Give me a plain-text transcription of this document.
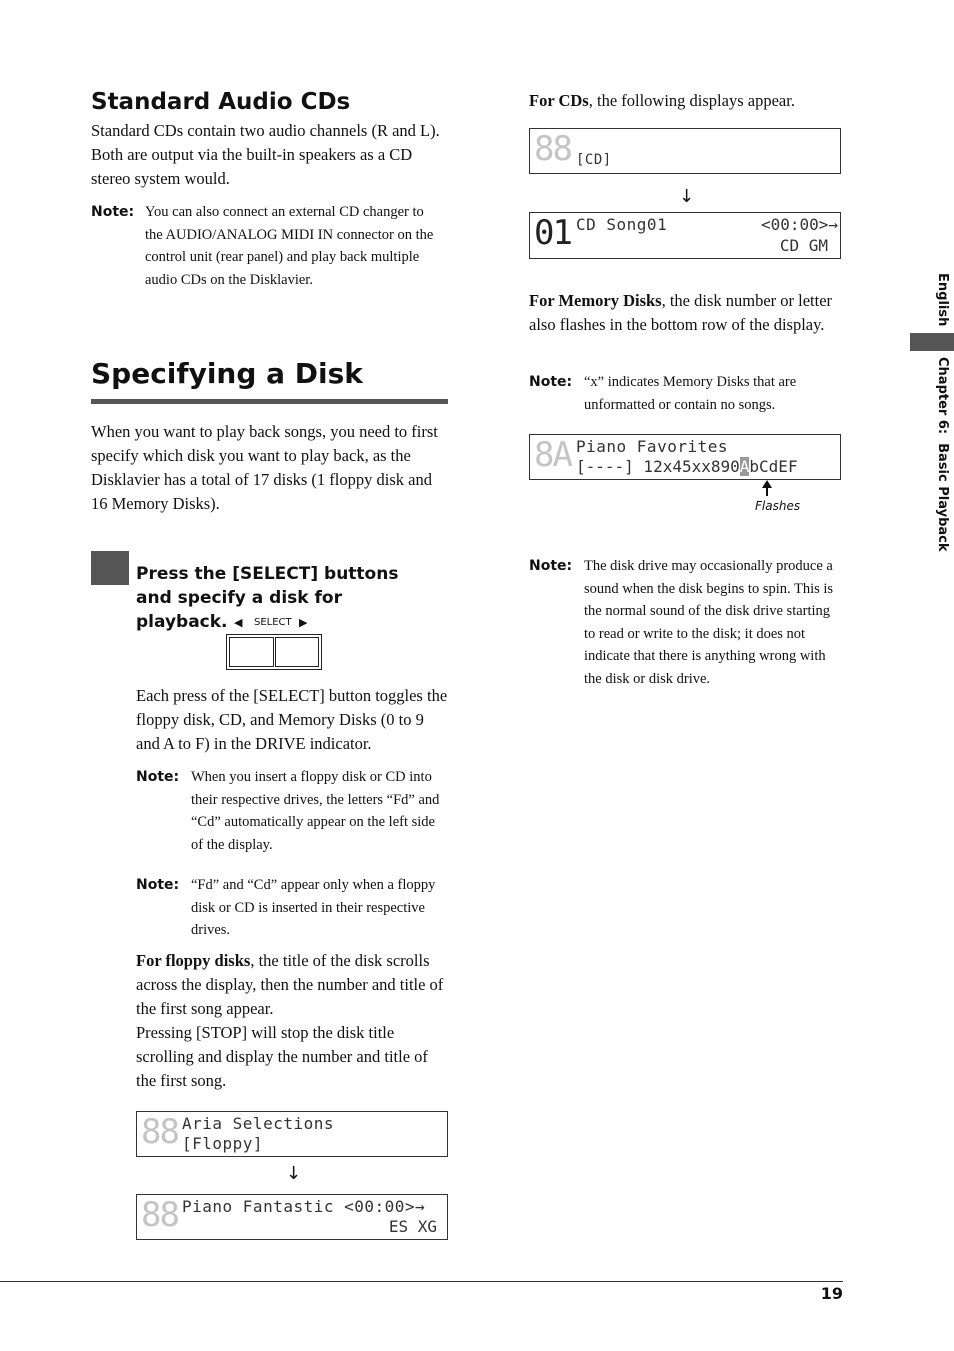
Standard Audio CDs
Standard CDs contain two audio channels (R and L). Both are output via the built-in speakers as a CD stereo system would.
Note: You can also connect an external CD changer to the AUDIO/ANALOG MIDI IN connector on the control unit (rear panel) and play back multiple audio CDs on the Disklavier.
Specifying a Disk
When you want to play back songs, you need to first specify which disk you want to play back, as the Disklavier has a total of 17 disks (1 floppy disk and 16 Memory Disks).
Press the [SELECT] buttons and specify a disk for playback. ◀ SELECT ▶
Each press of the [SELECT] button toggles the floppy disk, CD, and Memory Disks (0 to 9 and A to F) in the DRIVE indicator.
Note: When you insert a floppy disk or CD into their respective drives, the letters “Fd” and “Cd” automatically appear on the left side of the display.
Note: “Fd” and “Cd” appear only when a floppy disk or CD is inserted in their respective drives.
For floppy disks, the title of the disk scrolls across the display, then the number and title of the first song appear.
Pressing [STOP] will stop the disk title scrolling and display the number and title of the first song.
88 Aria Selections
[Floppy]
↓
88 Piano Fantastic <00:00>→
ES XG
For CDs, the following displays appear.
88 [CD]
↓
01 CD Song01	<00:00>→
CD GM
For Memory Disks, the disk number or letter also flashes in the bottom row of the display.
Note: “x” indicates Memory Disks that are unformatted or contain no songs.
8A Piano Favorites
[----] 12x45xx890AbCdEF
Flashes
Note: The disk drive may occasionally produce a sound when the disk begins to spin. This is the normal sound of the disk drive starting to read or write to the disk; it does not indicate that there is anything wrong with the disk or disk drive.
English
Chapter 6:  Basic Playback
19
